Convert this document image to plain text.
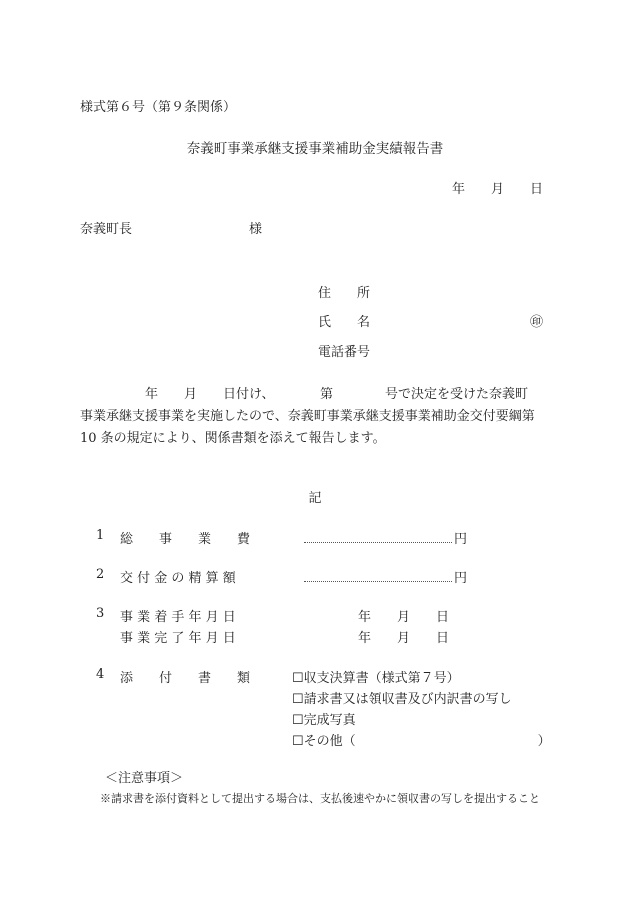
様式第６号（第９条関係）
奈義町事業承継支援事業補助金実績報告書
年　　月　　日
奈義町長　　　　　　　　　様
住　　所
氏　　名	㊞
電話番号

　　　　　年　　月　　日付け、　　　　第　　　　号で決定を受けた奈義町

事業承継支援事業を実施したので、奈義町事業承継支援事業補助金交付要綱第

10 条の規定により、関係書類を添えて報告します。

記
1 総　　事　　業　　費	円
2 交 付 金 の 精 算 額	円
3 事 業 着 手 年 月 日	年　　月　　日
事 業 完 了 年 月 日	年　　月　　日
4 添　　付　　書　　類	☐収支決算書（様式第７号）
☐請求書又は領収書及び内訳書の写し
☐完成写真
☐その他（　　　　　　　　　　　　　　）
＜注意事項＞
※請求書を添付資料として提出する場合は、支払後速やかに領収書の写しを提出すること
